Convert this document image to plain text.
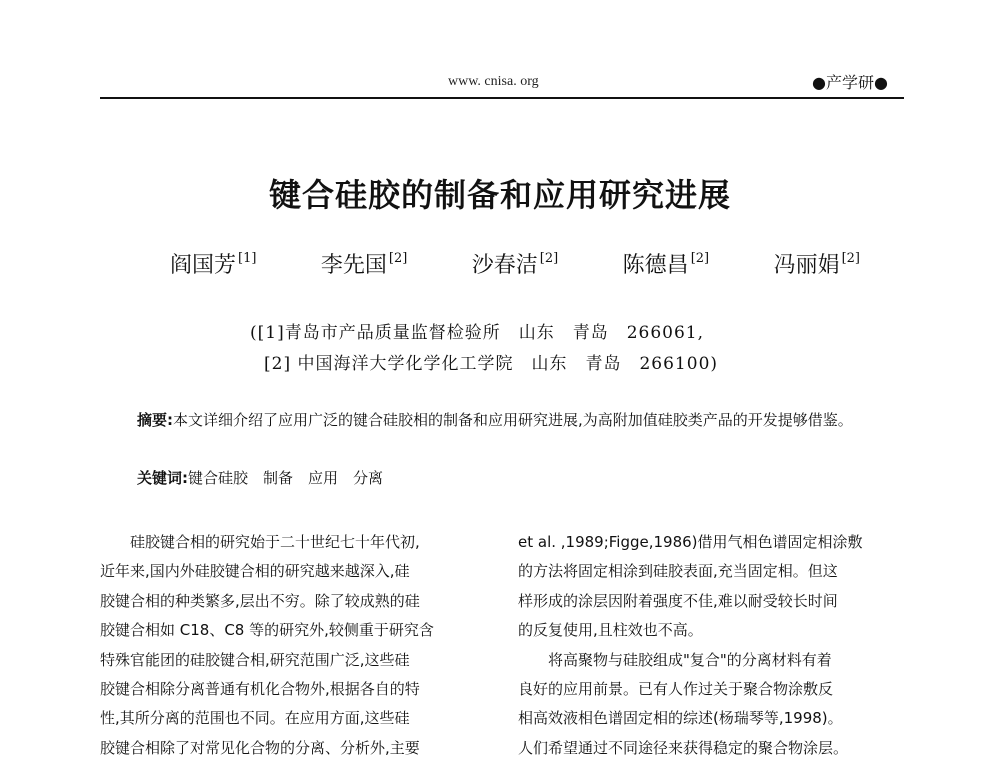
www. cnisa. org	●产学研●
键合硅胶的制备和应用研究进展
阎国芳 [1]	李先国 [2]	沙春洁 [2]	陈德昌 [2]	冯丽娟 [2]
([1]青岛市产品质量监督检验所　山东　青岛　266061,
[2] 中国海洋大学化学化工学院　山东　青岛　266100)
摘要:本文详细介绍了应用广泛的键合硅胶相的制备和应用研究进展,为高附加值硅胶类产品的开发提够借鉴。
关键词:键合硅胶　制备　应用　分离

硅胶键合相的研究始于二十世纪七十年代初,

近年来,国内外硅胶键合相的研究越来越深入,硅

胶键合相的种类繁多,层出不穷。除了较成熟的硅

胶键合相如 C18、C8 等的研究外,较侧重于研究含

特殊官能团的硅胶键合相,研究范围广泛,这些硅

胶键合相除分离普通有机化合物外,根据各自的特

性,其所分离的范围也不同。在应用方面,这些硅

胶键合相除了对常见化合物的分离、分析外,主要

et al. ,1989;Figge,1986)借用气相色谱固定相涂敷

的方法将固定相涂到硅胶表面,充当固定相。但这

样形成的涂层因附着强度不佳,难以耐受较长时间

的反复使用,且柱效也不高。

将高聚物与硅胶组成"复合"的分离材料有着

良好的应用前景。已有人作过关于聚合物涂敷反

相高效液相色谱固定相的综述(杨瑞琴等,1998)。

人们希望通过不同途径来获得稳定的聚合物涂层。
